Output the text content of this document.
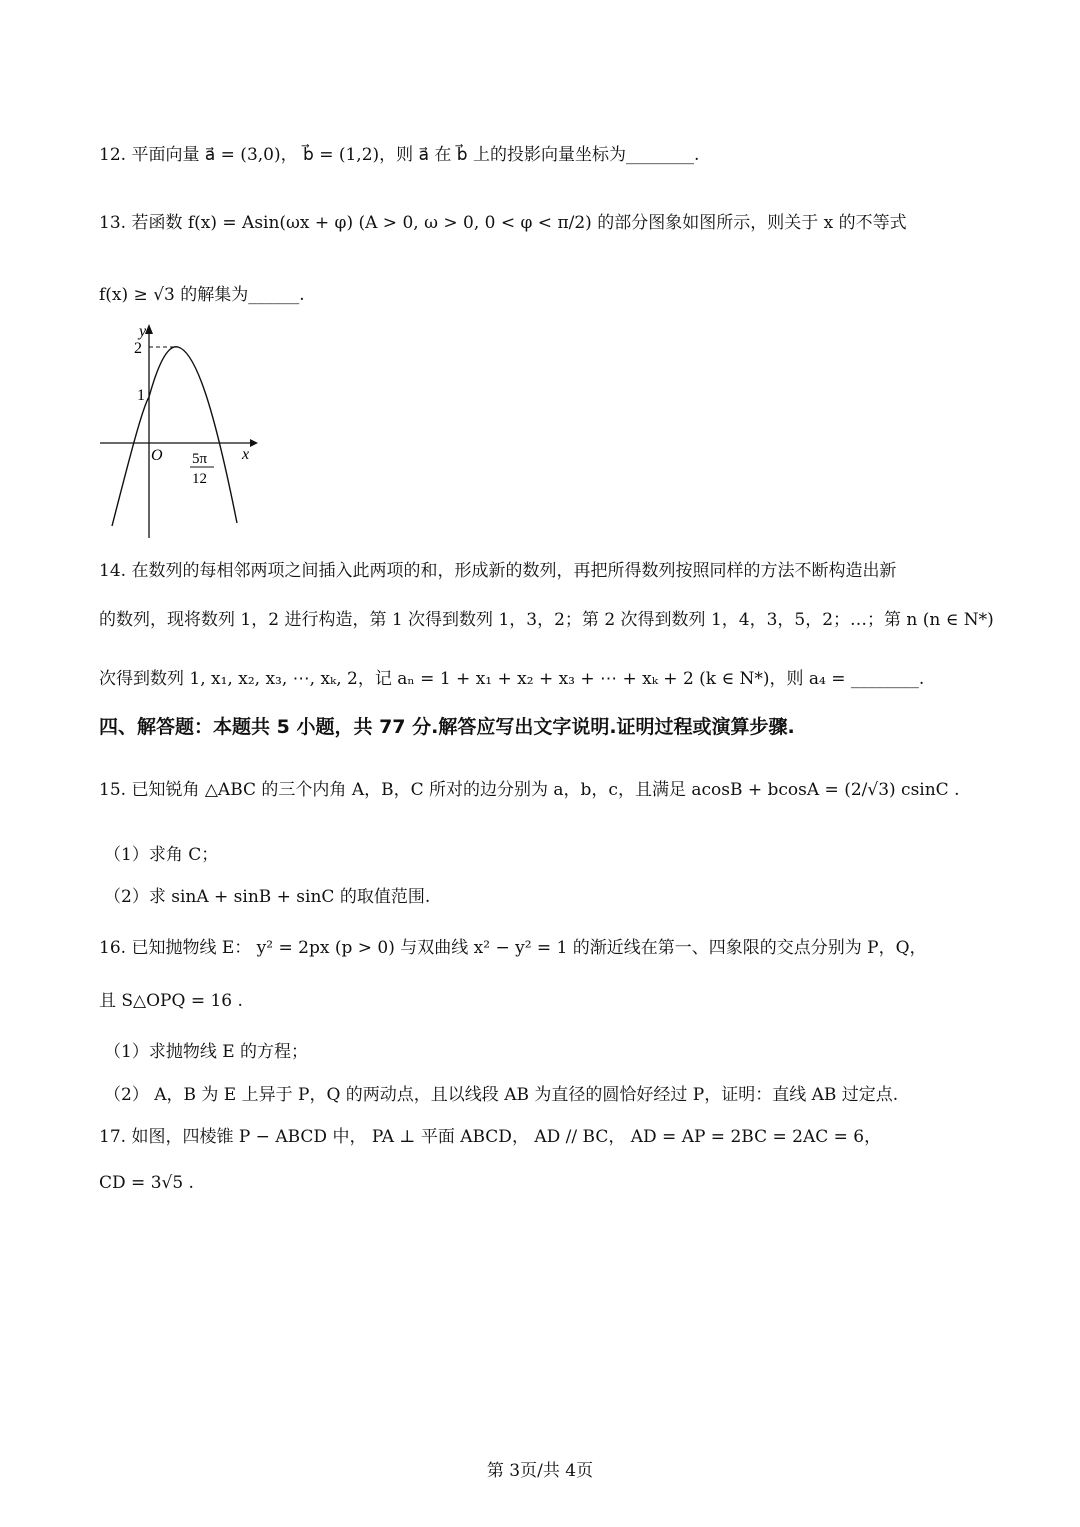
12. 平面向量 a⃗ = (3,0)， b⃗ = (1,2)，则 a⃗ 在 b⃗ 上的投影向量坐标为________.
13. 若函数 f(x) = Asin(ωx + φ) (A > 0, ω > 0, 0 < φ < π/2) 的部分图象如图所示，则关于 x 的不等式
f(x) ≥ √3 的解集为______.
y
x
O
2
1
5π
12
14. 在数列的每相邻两项之间插入此两项的和，形成新的数列，再把所得数列按照同样的方法不断构造出新
的数列，现将数列 1，2 进行构造，第 1 次得到数列 1，3，2；第 2 次得到数列 1，4，3，5，2；…；第 n (n ∈ N*)
次得到数列 1, x₁, x₂, x₃, ⋯, xₖ, 2，记 aₙ = 1 + x₁ + x₂ + x₃ + ⋯ + xₖ + 2 (k ∈ N*)，则 a₄ = ________.
四、解答题：本题共 5 小题，共 77 分.解答应写出文字说明.证明过程或演算步骤.
15. 已知锐角 △ABC 的三个内角 A，B，C 所对的边分别为 a，b，c，且满足 acosB + bcosA = (2/√3) csinC .
（1）求角 C；
（2）求 sinA + sinB + sinC 的取值范围.
16. 已知抛物线 E： y² = 2px (p > 0) 与双曲线 x² − y² = 1 的渐近线在第一、四象限的交点分别为 P，Q，
且 S△OPQ = 16 .
（1）求抛物线 E 的方程；
（2） A，B 为 E 上异于 P，Q 的两动点，且以线段 AB 为直径的圆恰好经过 P，证明：直线 AB 过定点.
17. 如图，四棱锥 P − ABCD 中， PA ⊥ 平面 ABCD， AD // BC， AD = AP = 2BC = 2AC = 6，
CD = 3√5 .
第 3页/共 4页
